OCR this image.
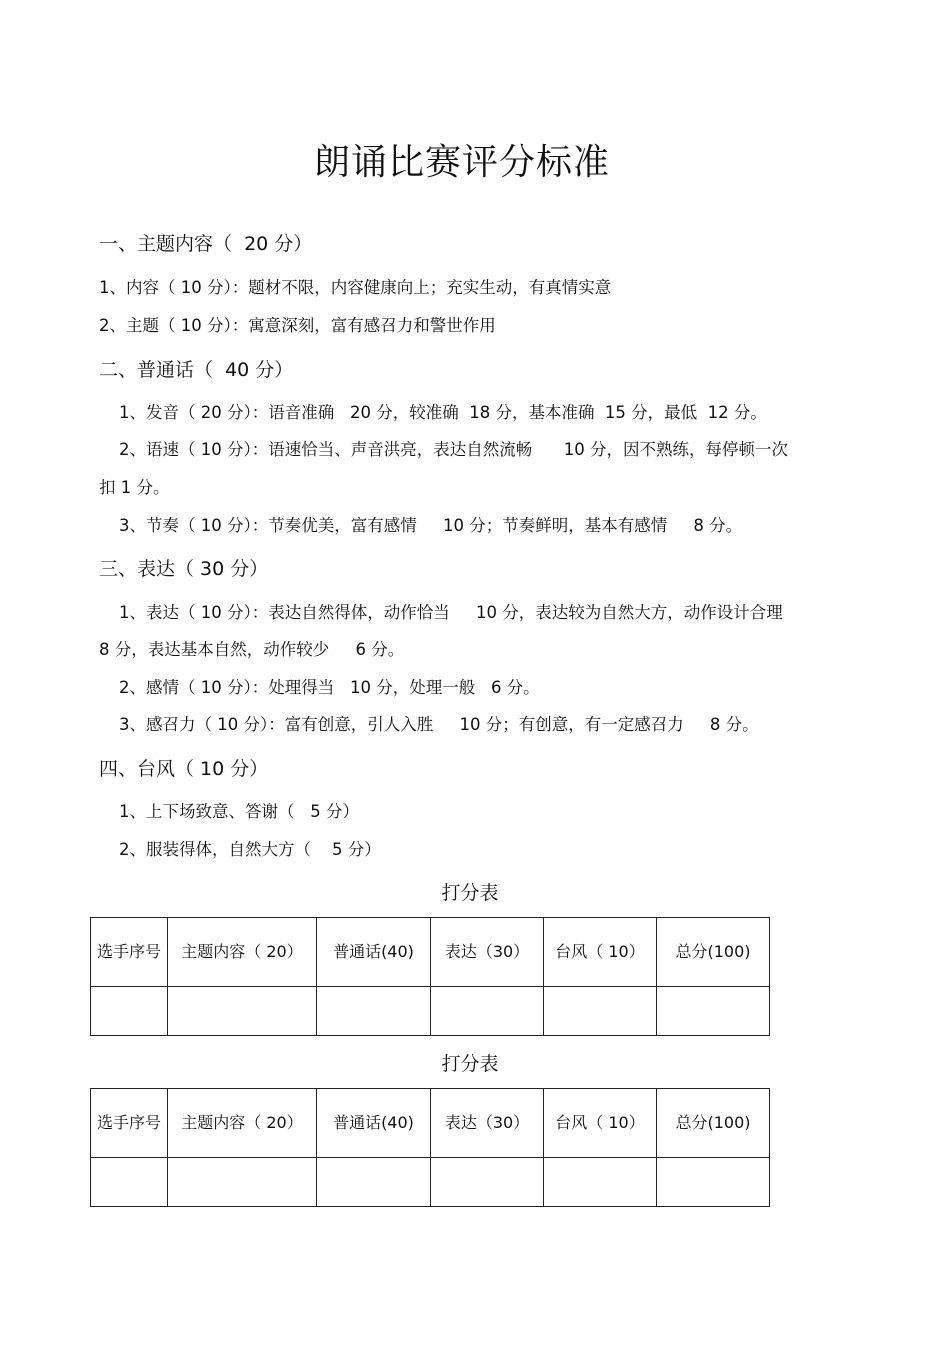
朗诵比赛评分标准
一、主题内容（  20 分）
1、内容（ 10 分）：题材不限，内容健康向上；充实生动，有真情实意
2、主题（ 10 分）：寓意深刻，富有感召力和警世作用
二、普通话（  40 分）
1、发音（ 20 分）：语音准确   20 分，较准确  18 分，基本准确  15 分，最低  12 分。
2、语速（ 10 分）：语速恰当、声音洪亮，表达自然流畅      10 分，因不熟练，每停顿一次
扣 1 分。
3、节奏（ 10 分）：节奏优美，富有感情     10 分；节奏鲜明，基本有感情     8 分。
三、表达（ 30 分）
1、表达（ 10 分）：表达自然得体，动作恰当     10 分，表达较为自然大方，动作设计合理
8 分，表达基本自然，动作较少     6 分。
2、感情（ 10 分）：处理得当   10 分，处理一般   6 分。
3、感召力（ 10 分）：富有创意，引人入胜     10 分；有创意，有一定感召力     8 分。
四、台风（ 10 分）
1、上下场致意、答谢（   5 分）
2、服装得体，自然大方（    5 分）
打分表
选手序号	主题内容（ 20）	普通话(40)	表达（30）	台风（ 10）	总分(100)

打分表
选手序号	主题内容（ 20）	普通话(40)	表达（30）	台风（ 10）	总分(100)
